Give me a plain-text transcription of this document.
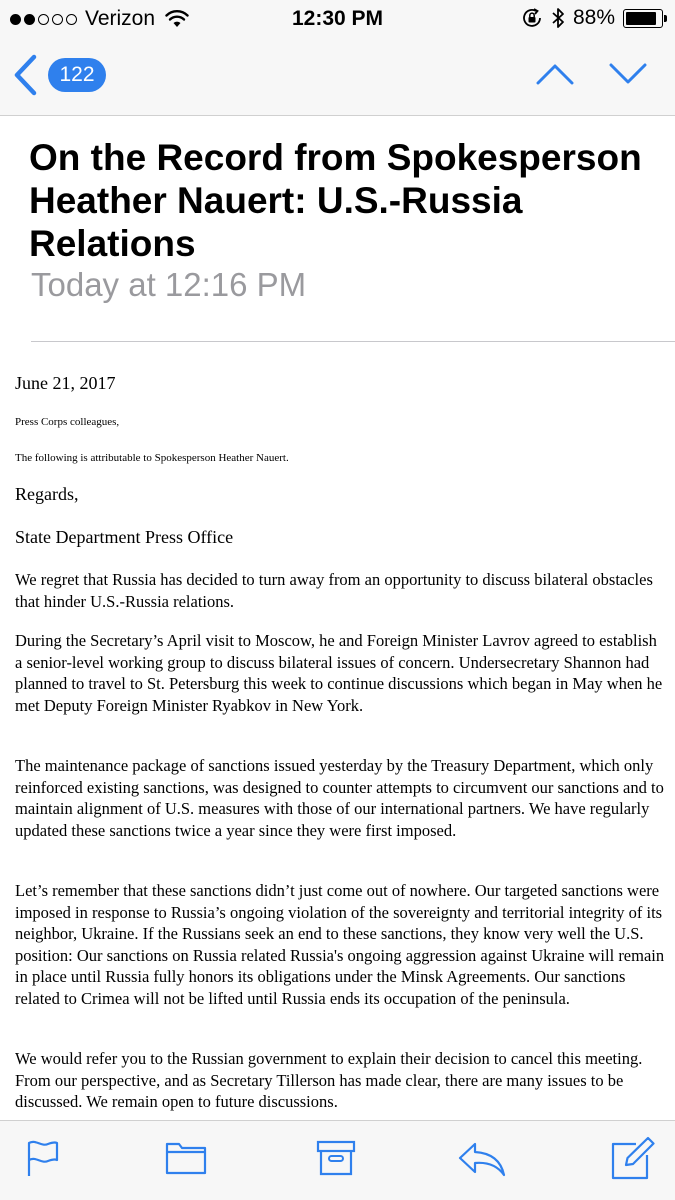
Verizon	12:30 PM	88%
122
On the Record from Spokesperson Heather Nauert: U.S.-Russia Relations
Today at 12:16 PM
June 21, 2017
Press Corps colleagues,
The following is attributable to Spokesperson Heather Nauert.
Regards,
State Department Press Office

We regret that Russia has decided to turn away from an opportunity to discuss bilateral obstacles that hinder U.S.-Russia relations.

During the Secretary’s April visit to Moscow, he and Foreign Minister Lavrov agreed to establish a senior-level working group to discuss bilateral issues of concern. Undersecretary Shannon had planned to travel to St. Petersburg this week to continue discussions which began in May when he met Deputy Foreign Minister Ryabkov in New York.

The maintenance package of sanctions issued yesterday by the Treasury Department, which only reinforced existing sanctions, was designed to counter attempts to circumvent our sanctions and to maintain alignment of U.S. measures with those of our international partners. We have regularly updated these sanctions twice a year since they were first imposed.

Let’s remember that these sanctions didn’t just come out of nowhere. Our targeted sanctions were imposed in response to Russia’s ongoing violation of the sovereignty and territorial integrity of its neighbor, Ukraine. If the Russians seek an end to these sanctions, they know very well the U.S. position: Our sanctions on Russia related Russia's ongoing aggression against Ukraine will remain in place until Russia fully honors its obligations under the Minsk Agreements. Our sanctions related to Crimea will not be lifted until Russia ends its occupation of the peninsula.

We would refer you to the Russian government to explain their decision to cancel this meeting. From our perspective, and as Secretary Tillerson has made clear, there are many issues to be discussed. We remain open to future discussions.
